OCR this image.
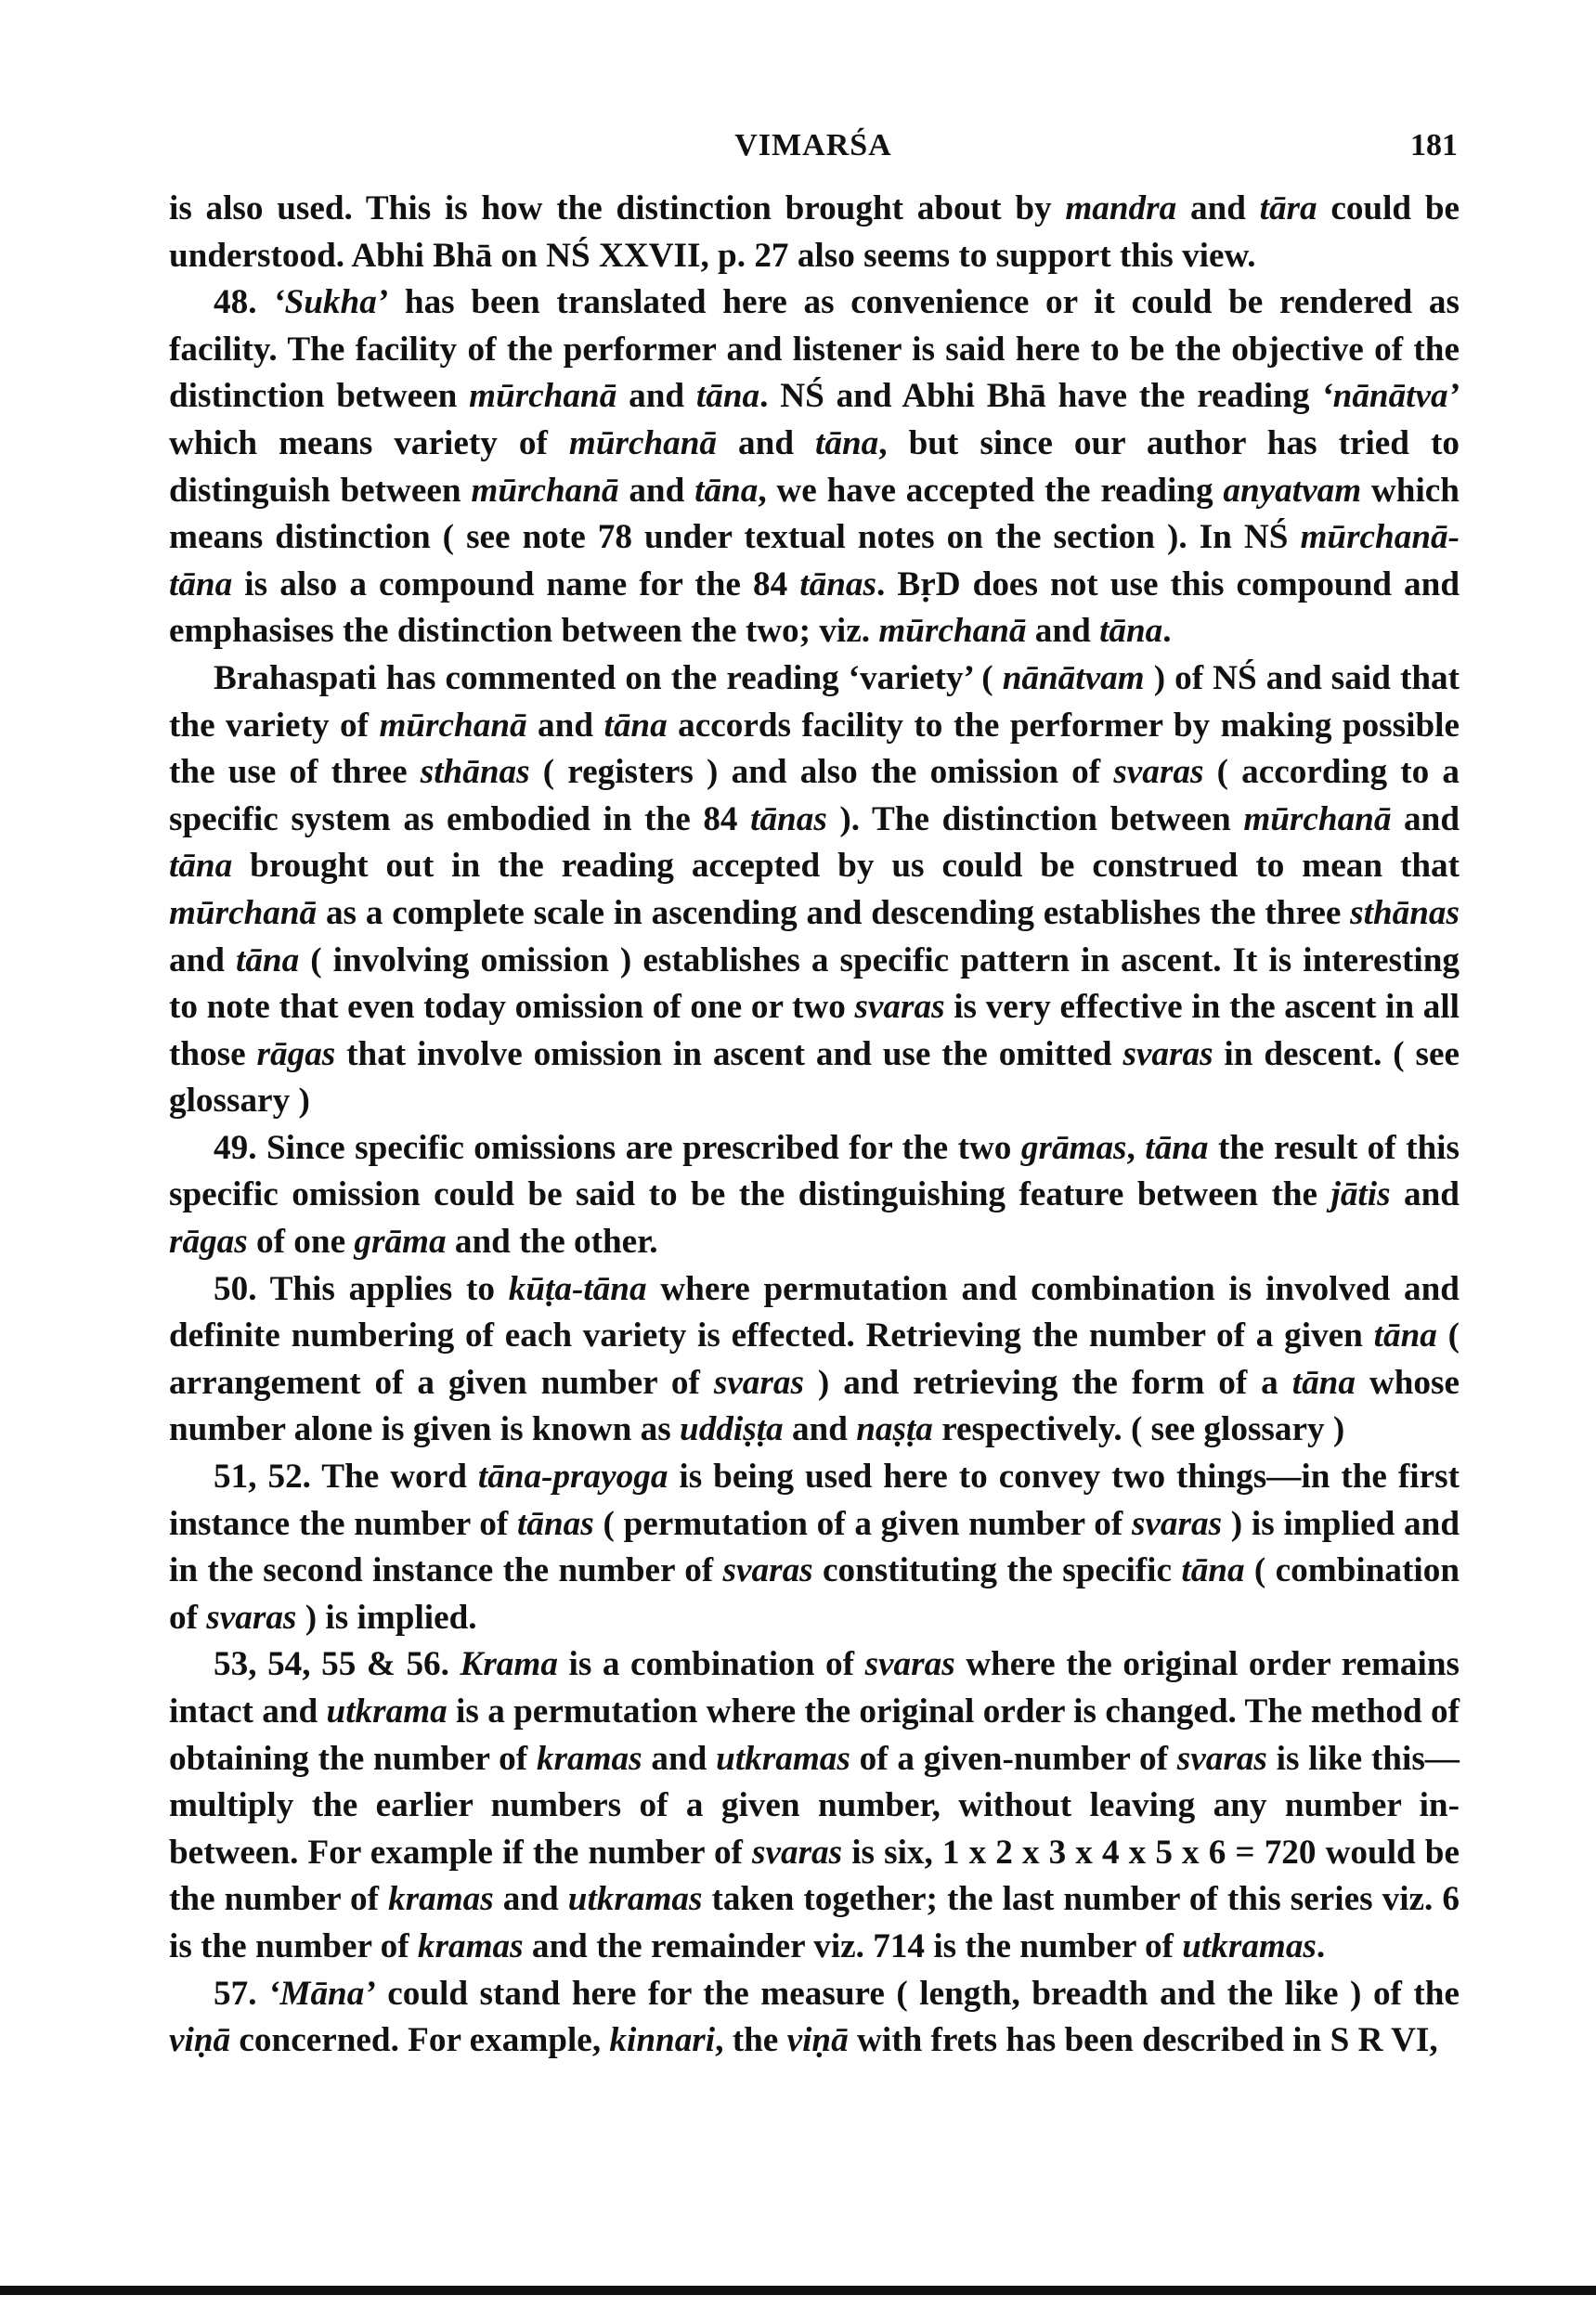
VIMARŚA	181

is also used. This is how the distinction brought about by mandra and tāra could be understood. Abhi Bhā on NŚ XXVII, p. 27 also seems to support this view.

48. ‘Sukha’ has been translated here as convenience or it could be rendered as facility. The facility of the performer and listener is said here to be the objective of the distinction between mūrchanā and tāna. NŚ and Abhi Bhā have the reading ‘nānātva’ which means variety of mūrchanā and tāna, but since our author has tried to distinguish between mūrchanā and tāna, we have accepted the reading anyatvam which means distinction ( see note 78 under textual notes on the section ). In NŚ mūrchanā-tāna is also a compound name for the 84 tānas. BṛD does not use this compound and emphasises the distinction between the two; viz. mūrchanā and tāna.

Brahaspati has commented on the reading ‘variety’ ( nānātvam ) of NŚ and said that the variety of mūrchanā and tāna accords facility to the performer by making possible the use of three sthānas ( registers ) and also the omission of svaras ( according to a specific system as embodied in the 84 tānas ). The distinction between mūrchanā and tāna brought out in the reading accepted by us could be construed to mean that mūrchanā as a complete scale in ascending and descending establishes the three sthānas and tāna ( involving omission ) establishes a specific pattern in ascent. It is interesting to note that even today omission of one or two svaras is very effective in the ascent in all those rāgas that involve omission in ascent and use the omitted svaras in descent. ( see glossary )

49. Since specific omissions are prescribed for the two grāmas, tāna the result of this specific omission could be said to be the distinguishing feature between the jātis and rāgas of one grāma and the other.

50. This applies to kūṭa-tāna where permutation and combination is involved and definite numbering of each variety is effected. Retrieving the number of a given tāna ( arrangement of a given number of svaras ) and retrieving the form of a tāna whose number alone is given is known as uddiṣṭa and naṣṭa respectively. ( see glossary )

51, 52. The word tāna-prayoga is being used here to convey two things—in the first instance the number of tānas ( permutation of a given number of svaras ) is implied and in the second instance the number of svaras constituting the specific tāna ( combination of svaras ) is implied.

53, 54, 55 & 56. Krama is a combination of svaras where the original order remains intact and utkrama is a permutation where the original order is changed. The method of obtaining the number of kramas and utkramas of a given-number of svaras is like this—multiply the earlier numbers of a given number, without leaving any number in-between. For example if the number of svaras is six, 1 x 2 x 3 x 4 x 5 x 6 = 720 would be the number of kramas and utkramas taken together; the last number of this series viz. 6 is the number of kramas and the remainder viz. 714 is the number of utkramas.

57. ‘Māna’ could stand here for the measure ( length, breadth and the like ) of the viṇā concerned. For example, kinnari, the viṇā with frets has been described in S R VI,
